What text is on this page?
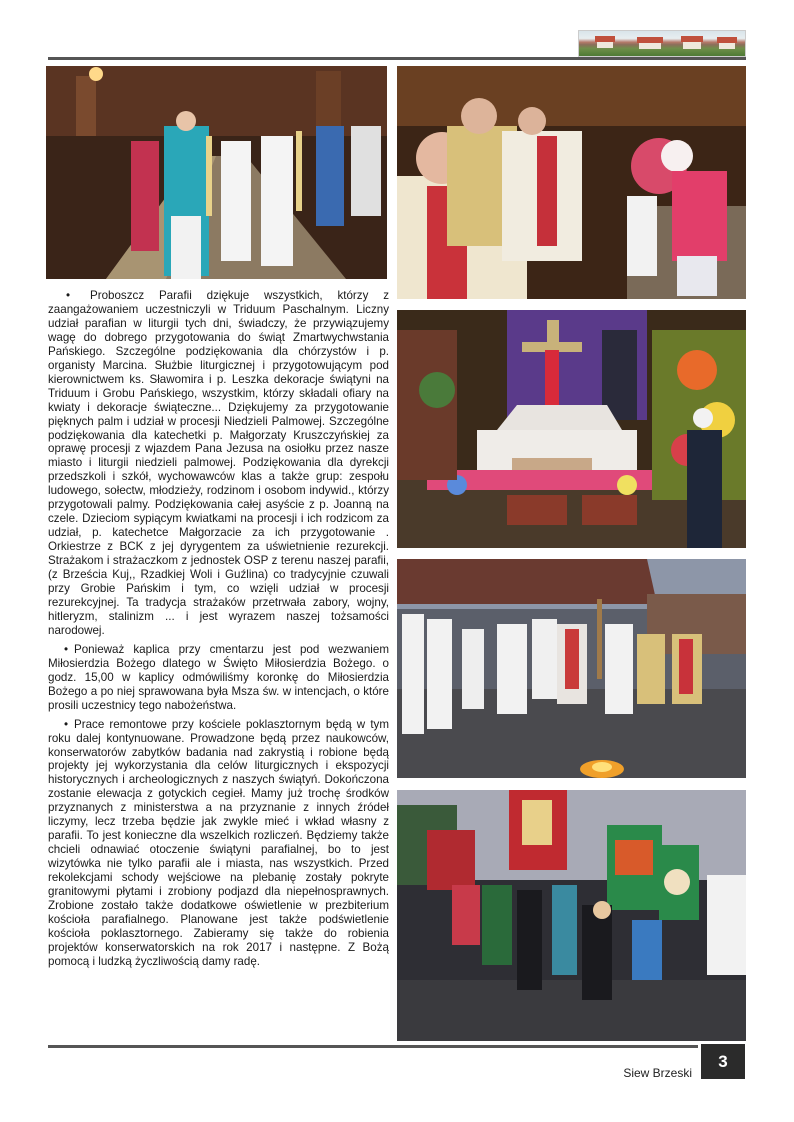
• Proboszcz Parafii dziękuje wszystkich, którzy z zaangażowaniem uczestniczyli w Triduum Paschalnym. Liczny udział parafian w liturgii tych dni, świadczy, że przywiązujemy wagę do dobrego przygotowania do świąt Zmartwychwstania Pańskiego. Szczególne podziękowania dla chórzystów i p. organisty Marcina. Służbie liturgicznej i przygotowującym pod kierownictwem ks. Sławomira i p. Leszka dekoracje świątyni na Triduum i Grobu Pańskiego, wszystkim, którzy składali ofiary na kwiaty i dekoracje świąteczne... Dziękujemy za przygotowanie pięknych palm i udział w procesji Niedzieli Palmowej. Szczególne podziękowania dla katechetki p. Małgorzaty Kruszczyńskiej za oprawę procesji z wjazdem Pana Jezusa na osiołku przez nasze miasto i liturgii niedzieli palmowej. Podziękowania dla dyrekcji przedszkoli i szkół, wychowawców klas a także grup: zespołu ludowego, sołectw, młodzieży, rodzinom i osobom indywid., którzy przygotowali palmy. Podziękowania całej asyście z p. Joanną na czele. Dzieciom sypiącym kwiatkami na procesji i ich rodzicom za udział, p. katechetce Małgorzacie za ich przygotowanie . Orkiestrze z BCK z jej dyrygentem za uświetnienie rezurekcji. Strażakom i strażaczkom z jednostek OSP z terenu naszej parafii, (z Brześcia Kuj,, Rzadkiej Woli i Guźlina) co tradycyjnie czuwali przy Grobie Pańskim i tym, co wzięli udział w procesji rezurekcyjnej. Ta tradycja strażaków przetrwała zabory, wojny, hitleryzm, stalinizm ... i jest wyrazem naszej tożsamości narodowej.

• Ponieważ kaplica przy cmentarzu jest pod wezwaniem Miłosierdzia Bożego dlatego w Święto Miłosierdzia Bożego. o godz. 15,00 w kaplicy odmówiliśmy koronkę do Miłosierdzia Bożego a po niej sprawowana była Msza św. w intencjach, o które prosili uczestnicy tego nabożeństwa.

• Prace remontowe przy kościele poklasztornym będą w tym roku dalej kontynuowane. Prowadzone będą przez naukowców, konserwatorów zabytków badania nad zakrystią i robione będą projekty jej wykorzystania dla celów liturgicznych i ekspozycji historycznych i archeologicznych z naszych świątyń. Dokończona zostanie elewacja z gotyckich cegieł. Mamy już trochę środków przyznanych z ministerstwa a na przyznanie z innych źródeł liczymy, lecz trzeba będzie jak zwykle mieć i wkład własny z parafii. To jest konieczne dla wszelkich rozliczeń. Będziemy także chcieli odnawiać otoczenie świątyni parafialnej, bo to jest wizytówka nie tylko parafii ale i miasta, nas wszystkich. Przed rekolekcjami schody wejściowe na plebanię zostały pokryte granitowymi płytami i zrobiony podjazd dla niepełnosprawnych. Zrobione zostało także dodatkowe oświetlenie w prezbiterium kościoła parafialnego. Planowane jest także podświetlenie kościoła poklasztornego. Zabieramy się także do robienia projektów konserwatorskich na rok 2017 i następne. Z Bożą pomocą i ludzką życzliwością damy radę.

Siew Brzeski
3
